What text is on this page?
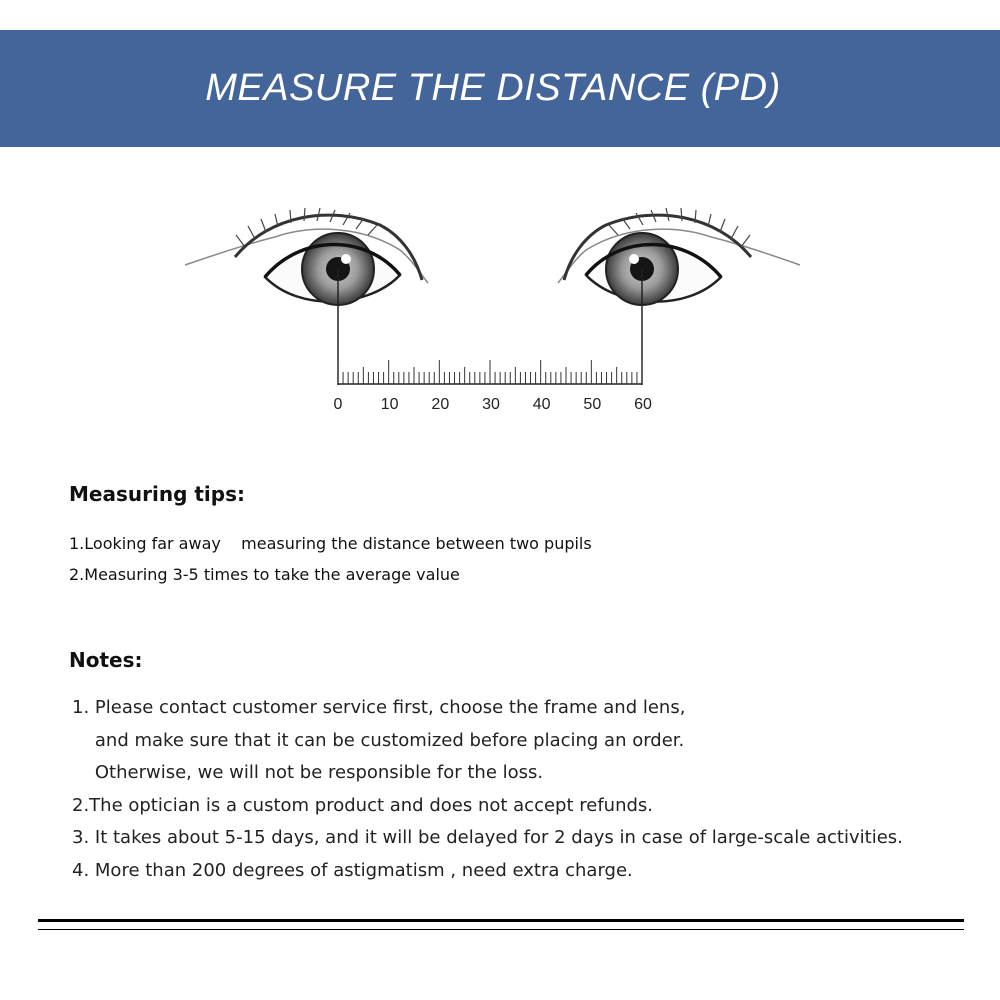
MEASURE THE DISTANCE (PD)
0 10 20 30 40 50 60
Measuring tips:
1.Looking far away    measuring the distance between two pupils
2.Measuring 3-5 times to take the average value
Notes:
1. Please contact customer service first, choose the frame and lens,
and make sure that it can be customized before placing an order.
Otherwise, we will not be responsible for the loss.
2.The optician is a custom product and does not accept refunds.
3. It takes about 5-15 days, and it will be delayed for 2 days in case of large-scale activities.
4. More than 200 degrees of astigmatism , need extra charge.
